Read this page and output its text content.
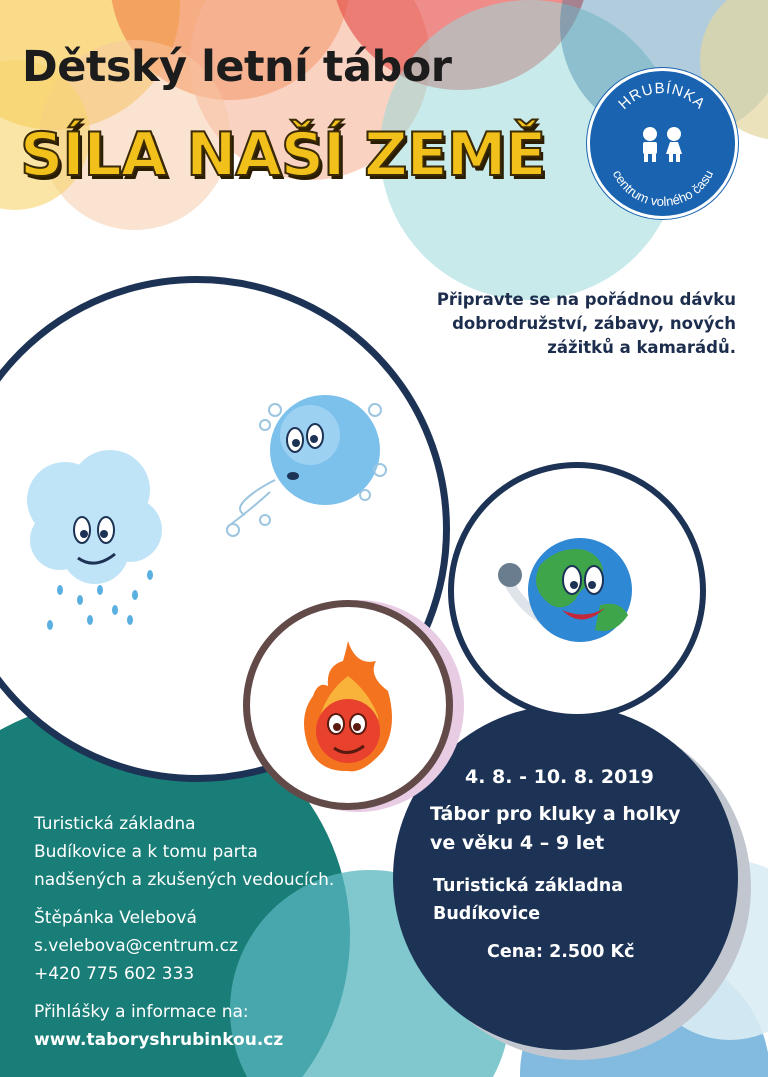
Dětský letní tábor
SÍLA NAŠÍ ZEMĚ
HRUBÍNKA
centrum volného času
Připravte se na pořádnou dávku
dobrodružství, zábavy, nových
zážitků a kamarádů.
Turistická základna
Budíkovice a k tomu parta
nadšených a zkušených vedoucích.
Štěpánka Velebová
s.velebova@centrum.cz
+420 775 602 333
Přihlášky a informace na:
www.taboryshrubinkou.cz
4. 8. - 10. 8. 2019
Tábor pro kluky a holky
ve věku 4 – 9 let
Turistická základna
Budíkovice
Cena: 2.500 Kč
